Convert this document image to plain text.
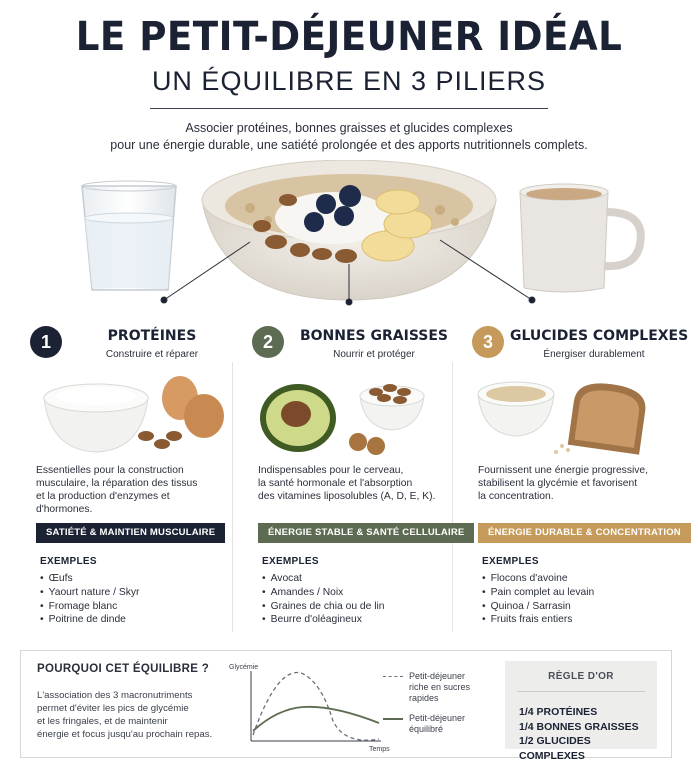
LE PETIT-DÉJEUNER IDÉAL
UN ÉQUILIBRE EN 3 PILIERS
Associer protéines, bonnes graisses et glucides complexes
pour une énergie durable, une satiété prolongée et des apports nutritionnels complets.
1	PROTÉINES
Construire et réparer
Essentielles pour la construction
musculaire, la réparation des tissus
et la production d'enzymes et
d'hormones.
SATIÉTÉ & MAINTIEN MUSCULAIRE
EXEMPLES
• Œufs
• Yaourt nature / Skyr
• Fromage blanc
• Poitrine de dinde
2	BONNES GRAISSES
Nourrir et protéger
Indispensables pour le cerveau,
la santé hormonale et l'absorption
des vitamines liposolubles (A, D, E, K).
ÉNERGIE STABLE & SANTÉ CELLULAIRE
EXEMPLES
• Avocat
• Amandes / Noix
• Graines de chia ou de lin
• Beurre d'oléagineux
3	GLUCIDES COMPLEXES
Énergiser durablement
Fournissent une énergie progressive,
stabilisent la glycémie et favorisent
la concentration.
ÉNERGIE DURABLE & CONCENTRATION
EXEMPLES
• Flocons d'avoine
• Pain complet au levain
• Quinoa / Sarrasin
• Fruits frais entiers
POURQUOI CET ÉQUILIBRE ?
L'association des 3 macronutriments
permet d'éviter les pics de glycémie
et les fringales, et de maintenir
énergie et focus jusqu'au prochain repas.
Glycémie
Temps
Petit-déjeuner
riche en sucres
rapides
Petit-déjeuner
équilibré
RÈGLE D'OR
1/4 PROTÉINES
1/4 BONNES GRAISSES
1/2 GLUCIDES COMPLEXES
